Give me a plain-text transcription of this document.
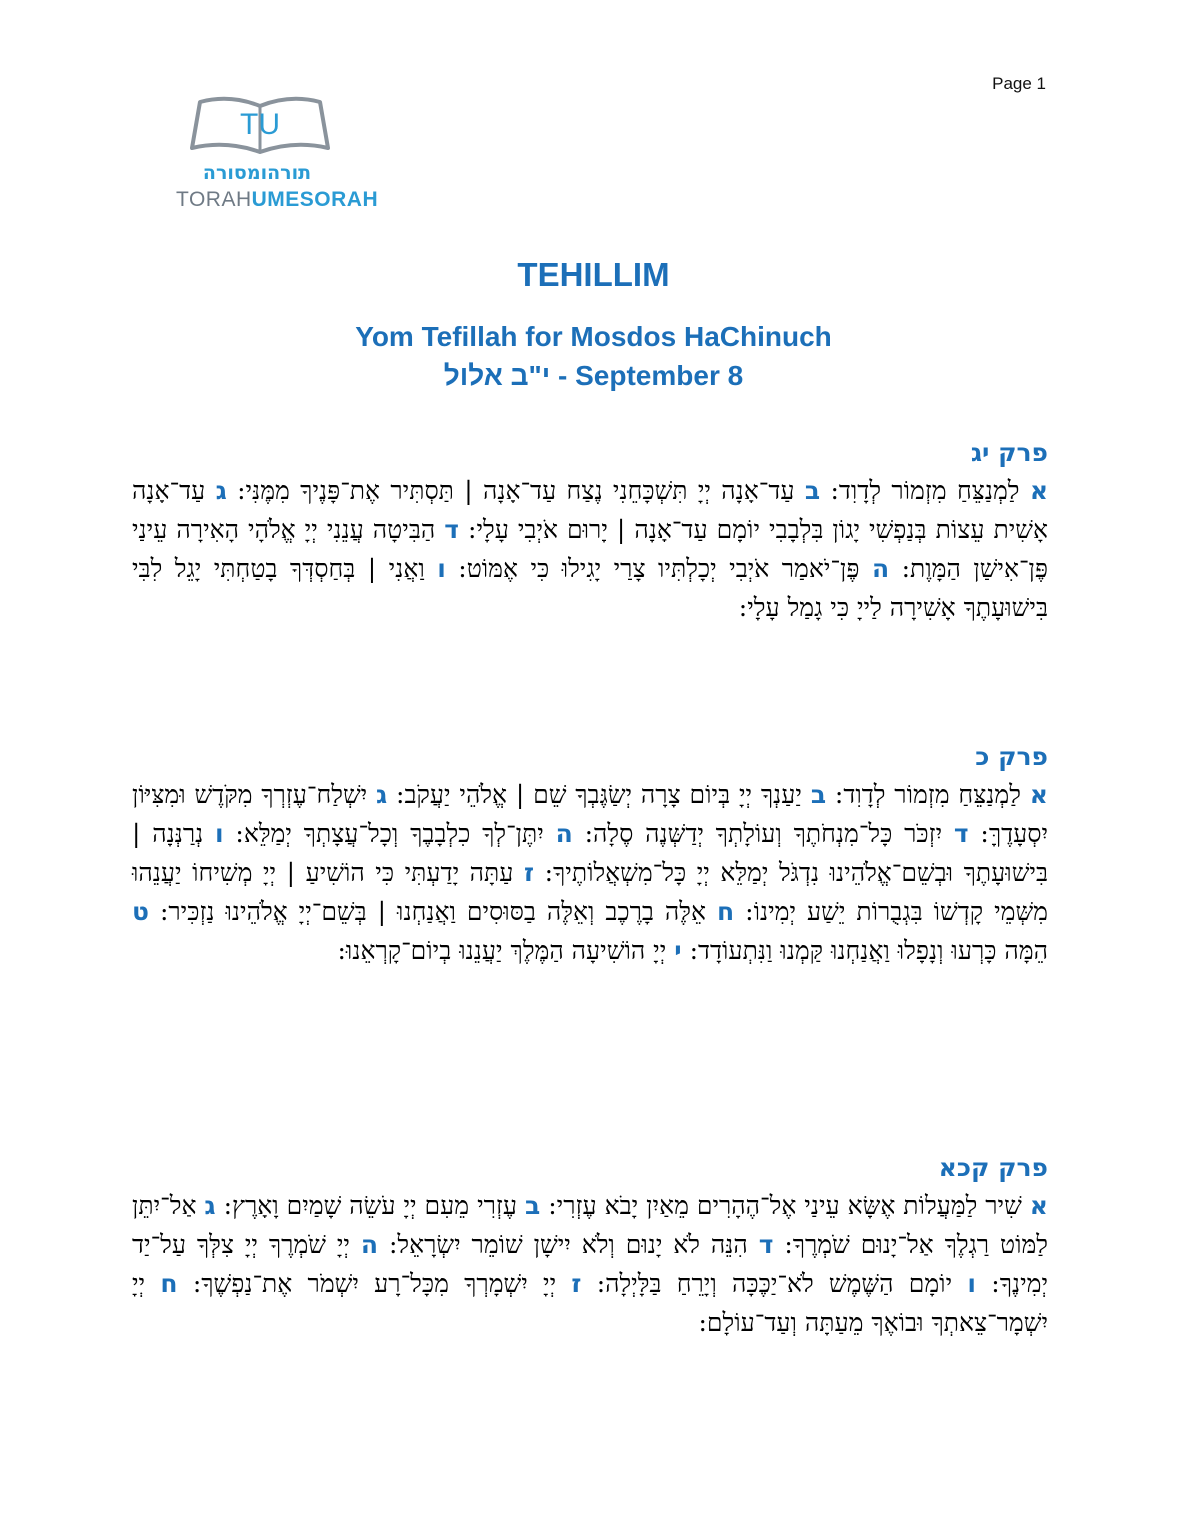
Page 1
TU
תורהומסורה
TORAHUMESORAH
TEHILLIM
Yom Tefillah for Mosdos HaChinuch
י"ב אלול - September 8
פרק יג
א לַמְנַצֵּחַ מִזְמוֹר לְדָוִד: ב עַד־אָנָה יְיָ תִּשְׁכָּחֵנִי נֶצַח עַד־אָנָה | תַּסְתִּיר אֶת־פָּנֶיךָ מִמֶּנִּי: ג עַד־אָנָה אָשִׁית עֵצוֹת בְּנַפְשִׁי יָגוֹן בִּלְבָבִי יוֹמָם עַד־אָנָה | יָרוּם אֹיְבִי עָלָי: ד הַבִּיטָה עֲנֵנִי יְיָ אֱלֹהָי הָאִירָה עֵינַי פֶּן־אִישַׁן הַמָּוֶת: ה פֶּן־יֹאמַר אֹיְבִי יְכָלְתִּיו צָרַי יָגִילוּ כִּי אֶמּוֹט: ו וַאֲנִי | בְּחַסְדְּךָ בָטַחְתִּי יָגֵל לִבִּי בִּישׁוּעָתֶךָ אָשִׁירָה לַייָ כִּי גָמַל עָלָי:
פרק כ
א לַמְנַצֵּחַ מִזְמוֹר לְדָוִד: ב יַעַנְךָ יְיָ בְּיוֹם צָרָה יְשַׂגֶּבְךָ שֵׁם | אֱלֹהֵי יַעֲקֹב: ג יִשְׁלַח־עֶזְרְךָ מִקֹּדֶשׁ וּמִצִּיּוֹן יִסְעָדֶךָּ: ד יִזְכֹּר כָּל־מִנְחֹתֶךָ וְעוֹלָתְךָ יְדַשְּׁנֶה סֶלָה: ה יִתֶּן־לְךָ כִלְבָבֶךָ וְכָל־עֲצָתְךָ יְמַלֵּא: ו נְרַנְּנָה | בִּישׁוּעָתֶךָ וּבְשֵׁם־אֱלֹהֵינוּ נִדְגֹּל יְמַלֵּא יְיָ כָּל־מִשְׁאֲלוֹתֶיךָ: ז עַתָּה יָדַעְתִּי כִּי הוֹשִׁיעַ | יְיָ מְשִׁיחוֹ יַעֲנֵהוּ מִשְּׁמֵי קָדְשׁוֹ בִּגְבֻרוֹת יֵשַׁע יְמִינוֹ: ח אֵלֶּה בָרֶכֶב וְאֵלֶּה בַסּוּסִים וַאֲנַחְנוּ | בְּשֵׁם־יְיָ אֱלֹהֵינוּ נַזְכִּיר: ט הֵמָּה כָּרְעוּ וְנָפָלוּ וַאֲנַחְנוּ קַּמְנוּ וַנִּתְעוֹדָד: י יְיָ הוֹשִׁיעָה הַמֶּלֶךְ יַעֲנֵנוּ בְיוֹם־קָרְאֵנוּ:
פרק קכא
א שִׁיר לַמַּעֲלוֹת אֶשָּׂא עֵינַי אֶל־הֶהָרִים מֵאַיִן יָבֹא עֶזְרִי: ב עֶזְרִי מֵעִם יְיָ עֹשֵׂה שָׁמַיִם וָאָרֶץ: ג אַל־יִתֵּן לַמּוֹט רַגְלֶךָ אַל־יָנוּם שֹׁמְרֶךָ: ד הִנֵּה לֹא יָנוּם וְלֹא יִישָׁן שׁוֹמֵר יִשְׂרָאֵל: ה יְיָ שֹׁמְרֶךָ יְיָ צִלְּךָ עַל־יַד יְמִינֶךָ: ו יוֹמָם הַשֶּׁמֶשׁ לֹא־יַכֶּכָּה וְיָרֵחַ בַּלָּיְלָה: ז יְיָ יִשְׁמָרְךָ מִכָּל־רָע יִשְׁמֹר אֶת־נַפְשֶׁךָ: ח יְיָ יִשְׁמָר־צֵאתְךָ וּבוֹאֶךָ מֵעַתָּה וְעַד־עוֹלָם:
